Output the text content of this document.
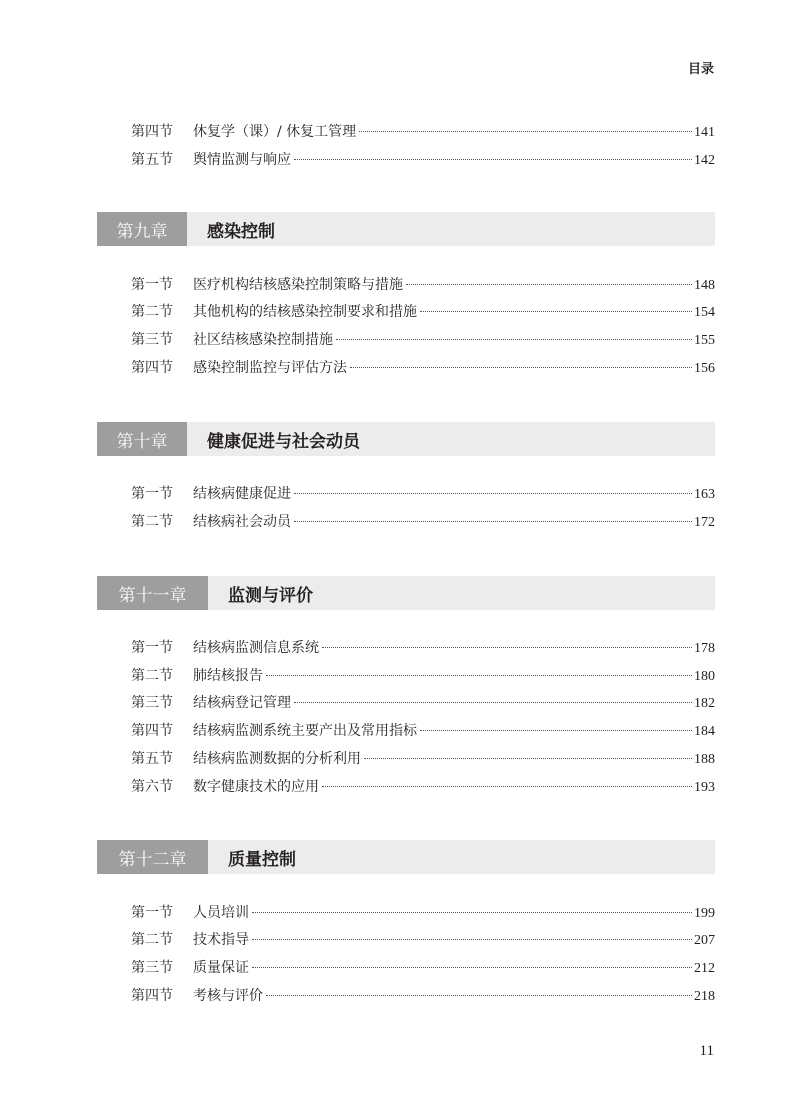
目录
第四节	休复学（课）/ 休复工管理	141
第五节	舆情监测与响应	142
第九章	感染控制
第一节	医疗机构结核感染控制策略与措施	148
第二节	其他机构的结核感染控制要求和措施	154
第三节	社区结核感染控制措施	155
第四节	感染控制监控与评估方法	156
第十章	健康促进与社会动员
第一节	结核病健康促进	163
第二节	结核病社会动员	172
第十一章	监测与评价
第一节	结核病监测信息系统	178
第二节	肺结核报告	180
第三节	结核病登记管理	182
第四节	结核病监测系统主要产出及常用指标	184
第五节	结核病监测数据的分析利用	188
第六节	数字健康技术的应用	193
第十二章	质量控制
第一节	人员培训	199
第二节	技术指导	207
第三节	质量保证	212
第四节	考核与评价	218
11
